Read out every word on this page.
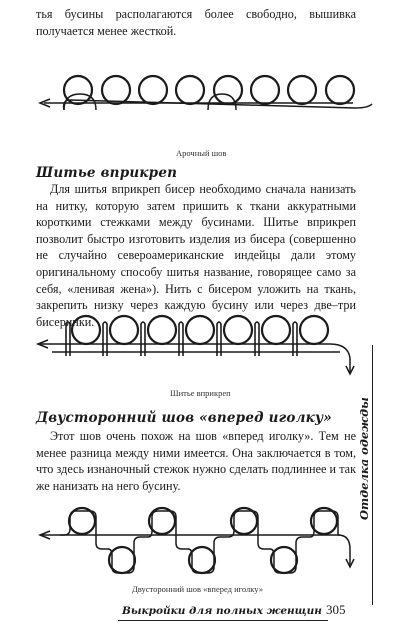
тья бусины располагаются более свободно, вышивка получается менее жесткой.

Арочный шов

Шитье вприкреп

Для шитья вприкреп бисер необходимо сначала нанизать на нитку, которую затем пришить к ткани аккуратными короткими стежками между бусинами. Шитье вприкреп позволит быстро изготовить изделия из бисера (совершенно не случайно североамериканские индейцы дали этому оригинальному способу шитья название, говорящее само за себя, «ленивая жена»). Нить с бисером уложить на ткань, закрепить низку через каждую бусину или через две–три бисеринки.

Шитье вприкреп

Двусторонний шов «вперед иголку»

Этот шов очень похож на шов «вперед иголку». Тем не менее разница между ними имеется. Она заключается в том, что здесь изнаночный стежок нужно сделать подлиннее и так же нанизать на него бусину.

Двусторонний шов «вперед иголку»

Отделка одежды
Выкройки для полных женщин 305
